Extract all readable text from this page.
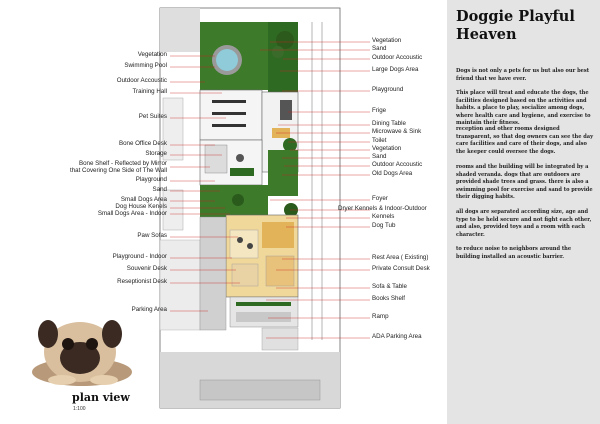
Vegetation
Swimming Pool
Outdoor Accoustic
Training Hall
Pet Suites
Bone Office Desk
Storage
Bone Shelf - Reflected by Mirror
that Covering One Side of The Wall
Playground
Sand
Small Dogs Area
Dog House Kenels
Small Dogs Area - Indoor
Paw Sofas
Playground - Indoor
Souvenir Desk
Reseptionist Desk
Parking Area
Vegetation
Sand
Outdoor Accoustic
Large Dogs Area
Playground
Frige
Dining Table
Microwave & Sink
Toilet
Vegetation
Sand
Outdoor Accoustic
Old Dogs Area
Foyer
Dryer Kennels & Indoor-Outdoor
Kennels
Dog Tub
Rest Area ( Existing)
Private Consult Desk
Sofa & Table
Books Shelf
Ramp
ADA Parking Area
plan view
1:100
Doggie Playful Heaven
Dogs is not only a pets for us but also our best friend that we have ever.
This place will treat and educate the dogs, the facilities designed based on the activities and habits. a place to play, socialize among dogs, where health care and hygiene, and exercise to maintain their fitness.
reception and other rooms designed transparent, so that dog owners can see the day care facilities and care of their dogs, and also the keeper could oversee the dogs.
rooms and the building will be integrated by a shaded veranda. dogs that are outdoors are provided shade trees and grass. there is also a swimming pool for exercise and sand to provide their digging habits.
all dogs are separated according size, age and type to be held secure and not fight each other, and also, provided toys and a room with each character.
to reduce noise to neighbors around the building installed an acoustic barrier.
